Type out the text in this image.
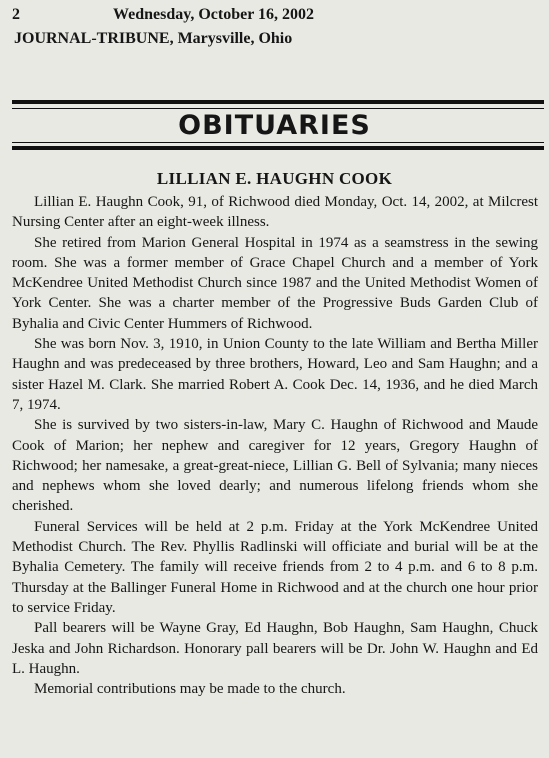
2	Wednesday, October 16, 2002
JOURNAL-TRIBUNE, Marysville, Ohio
OBITUARIES
LILLIAN E. HAUGHN COOK

Lillian E. Haughn Cook, 91, of Richwood died Monday, Oct. 14, 2002, at Milcrest Nursing Center after an eight-week illness.

She retired from Marion General Hospital in 1974 as a seamstress in the sewing room. She was a former member of Grace Chapel Church and a member of York McKendree United Methodist Church since 1987 and the United Methodist Women of York Center. She was a charter member of the Progressive Buds Garden Club of Byhalia and Civic Center Hummers of Richwood.

She was born Nov. 3, 1910, in Union County to the late William and Bertha Miller Haughn and was predeceased by three brothers, Howard, Leo and Sam Haughn; and a sister Hazel M. Clark. She married Robert A. Cook Dec. 14, 1936, and he died March 7, 1974.

She is survived by two sisters-in-law, Mary C. Haughn of Richwood and Maude Cook of Marion; her nephew and caregiver for 12 years, Gregory Haughn of Richwood; her namesake, a great-great-niece, Lillian G. Bell of Sylvania; many nieces and nephews whom she loved dearly; and numerous lifelong friends whom she cherished.

Funeral Services will be held at 2 p.m. Friday at the York McKendree United Methodist Church. The Rev. Phyllis Radlinski will officiate and burial will be at the Byhalia Cemetery. The family will receive friends from 2 to 4 p.m. and 6 to 8 p.m. Thursday at the Ballinger Funeral Home in Richwood and at the church one hour prior to service Friday.

Pall bearers will be Wayne Gray, Ed Haughn, Bob Haughn, Sam Haughn, Chuck Jeska and John Richardson. Honorary pall bearers will be Dr. John W. Haughn and Ed L. Haughn.

Memorial contributions may be made to the church.
